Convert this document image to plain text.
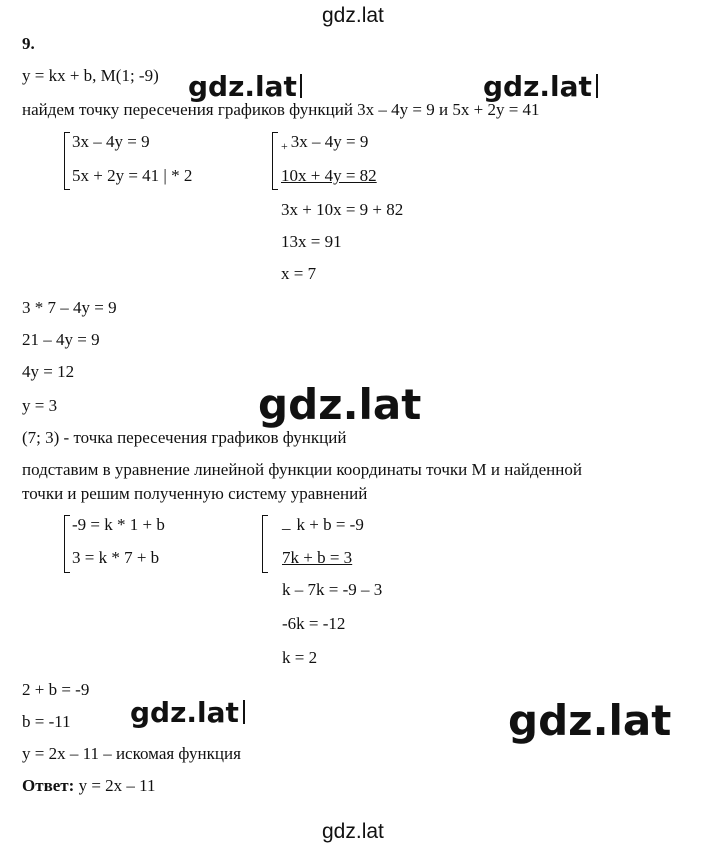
gdz.lat
gdz.lat	gdz.lat
gdz.lat
gdz.lat	gdz.lat
gdz.lat
9.
y = kx + b, M(1; -9)
найдем точку пересечения графиков функций 3x – 4y = 9 и 5x + 2y = 41
3x – 4y = 9
5x + 2y = 41 | * 2
+ 3x – 4y = 9
10x + 4y = 82
3x + 10x = 9 + 82
13x = 91
x = 7
3 * 7 – 4y = 9
21 – 4y = 9
4y = 12
y = 3
(7; 3) - точка пересечения графиков функций
подставим в уравнение линейной функции координаты точки M и найденной
точки и решим полученную систему уравнений
-9 = k * 1 + b
3 = k * 7 + b
_ k + b = -9
7k + b = 3
k – 7k = -9 – 3
-6k = -12
k = 2
2 + b = -9
b = -11
y = 2x – 11 – искомая функция
Ответ: y = 2x – 11
